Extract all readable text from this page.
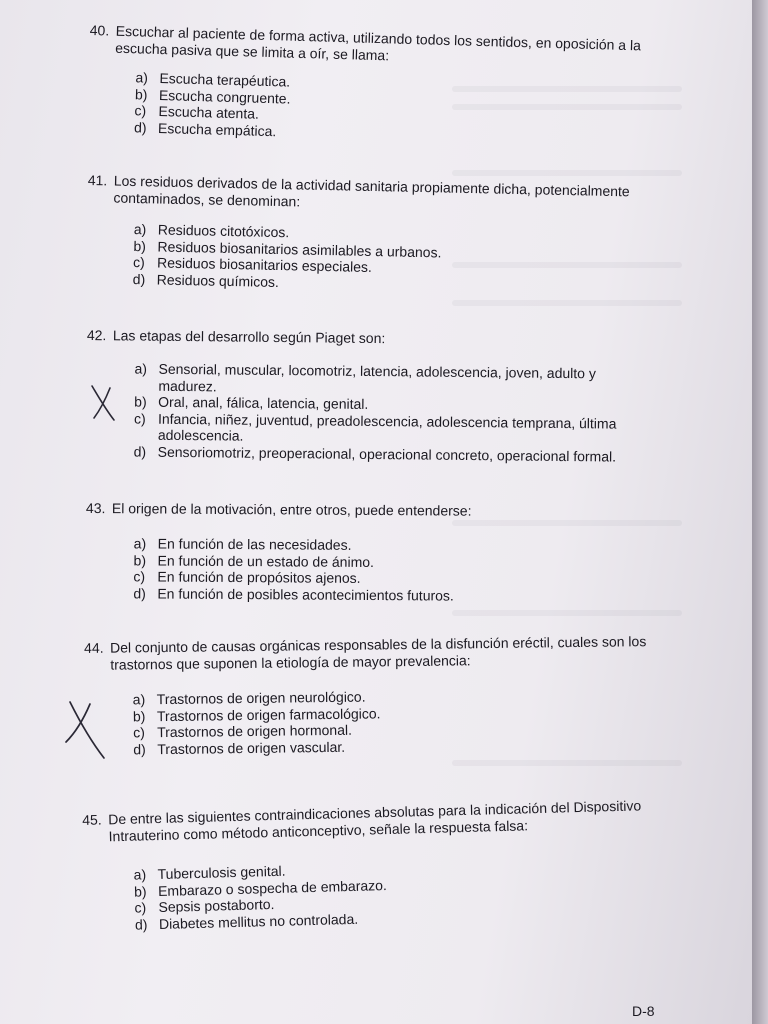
40. Escuchar al paciente de forma activa, utilizando todos los sentidos, en oposición a la escucha pasiva que se limita a oír, se llama:
a) Escucha terapéutica.
b) Escucha congruente.
c) Escucha atenta.
d) Escucha empática.
41. Los residuos derivados de la actividad sanitaria propiamente dicha, potencialmente contaminados, se denominan:
a) Residuos citotóxicos.
b) Residuos biosanitarios asimilables a urbanos.
c) Residuos biosanitarios especiales.
d) Residuos químicos.
42. Las etapas del desarrollo según Piaget son:
a) Sensorial, muscular, locomotriz, latencia, adolescencia, joven, adulto y madurez.
b) Oral, anal, fálica, latencia, genital.
c) Infancia, niñez, juventud, preadolescencia, adolescencia temprana, última adolescencia.
d) Sensoriomotriz, preoperacional, operacional concreto, operacional formal.
43. El origen de la motivación, entre otros, puede entenderse:
a) En función de las necesidades.
b) En función de un estado de ánimo.
c) En función de propósitos ajenos.
d) En función de posibles acontecimientos futuros.
44. Del conjunto de causas orgánicas responsables de la disfunción eréctil, cuales son los trastornos que suponen la etiología de mayor prevalencia:
a) Trastornos de origen neurológico.
b) Trastornos de origen farmacológico.
c) Trastornos de origen hormonal.
d) Trastornos de origen vascular.
45. De entre las siguientes contraindicaciones absolutas para la indicación del Dispositivo Intrauterino como método anticonceptivo, señale la respuesta falsa:
a) Tuberculosis genital.
b) Embarazo o sospecha de embarazo.
c) Sepsis postaborto.
d) Diabetes mellitus no controlada.
D-8
